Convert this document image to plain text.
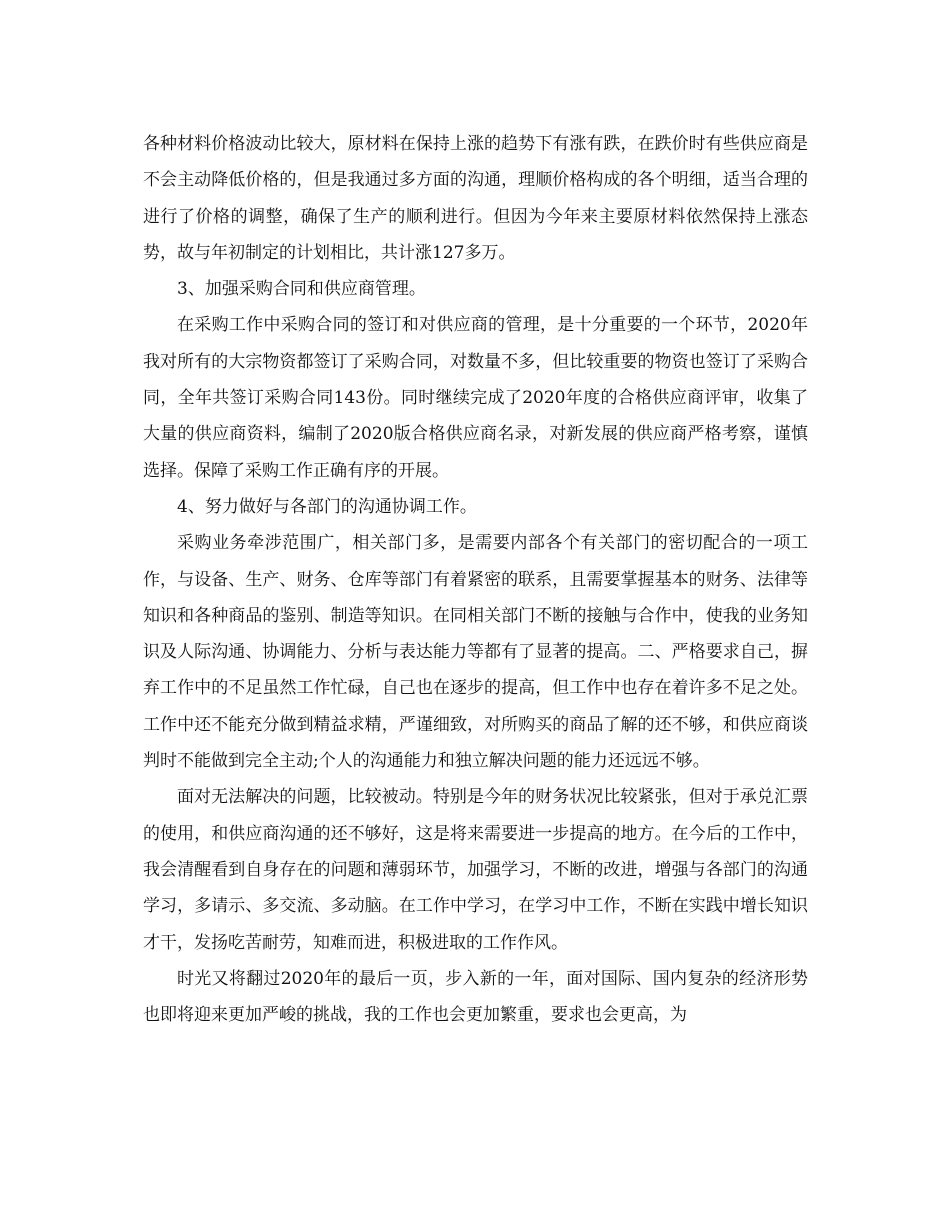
各种材料价格波动比较大，原材料在保持上涨的趋势下有涨有跌，在跌价时有些供应商是不会主动降低价格的，但是我通过多方面的沟通，理顺价格构成的各个明细，适当合理的进行了价格的调整，确保了生产的顺利进行。但因为今年来主要原材料依然保持上涨态势，故与年初制定的计划相比，共计涨127多万。

3、加强采购合同和供应商管理。

在采购工作中采购合同的签订和对供应商的管理，是十分重要的一个环节，2020年我对所有的大宗物资都签订了采购合同，对数量不多，但比较重要的物资也签订了采购合同，全年共签订采购合同143份。同时继续完成了2020年度的合格供应商评审，收集了大量的供应商资料，编制了2020版合格供应商名录，对新发展的供应商严格考察，谨慎选择。保障了采购工作正确有序的开展。

4、努力做好与各部门的沟通协调工作。

采购业务牵涉范围广，相关部门多，是需要内部各个有关部门的密切配合的一项工作，与设备、生产、财务、仓库等部门有着紧密的联系，且需要掌握基本的财务、法律等知识和各种商品的鉴别、制造等知识。在同相关部门不断的接触与合作中，使我的业务知识及人际沟通、协调能力、分析与表达能力等都有了显著的提高。二、严格要求自己，摒弃工作中的不足虽然工作忙碌，自己也在逐步的提高，但工作中也存在着许多不足之处。工作中还不能充分做到精益求精，严谨细致，对所购买的商品了解的还不够，和供应商谈判时不能做到完全主动;个人的沟通能力和独立解决问题的能力还远远不够。

面对无法解决的问题，比较被动。特别是今年的财务状况比较紧张，但对于承兑汇票的使用，和供应商沟通的还不够好，这是将来需要进一步提高的地方。在今后的工作中，我会清醒看到自身存在的问题和薄弱环节，加强学习，不断的改进，增强与各部门的沟通学习，多请示、多交流、多动脑。在工作中学习，在学习中工作，不断在实践中增长知识才干，发扬吃苦耐劳，知难而进，积极进取的工作作风。

时光又将翻过2020年的最后一页，步入新的一年，面对国际、国内复杂的经济形势也即将迎来更加严峻的挑战，我的工作也会更加繁重，要求也会更高，为
